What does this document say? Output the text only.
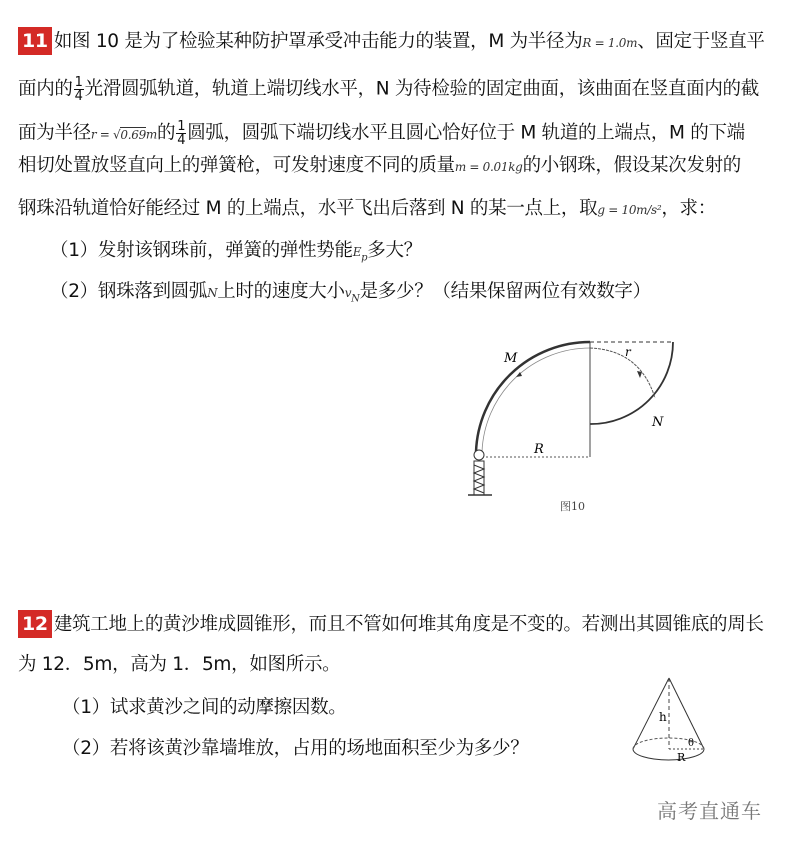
11 如图 10 是为了检验某种防护罩承受冲击能力的装置，M 为半径为R = 1.0m、固定于竖直平
面内的 $\frac{1}{4}$ 光滑圆弧轨道，轨道上端切线水平，N 为待检验的固定曲面，该曲面在竖直面内的截
面为半径r = √0.69m的 $\frac{1}{4}$ 圆弧，圆弧下端切线水平且圆心恰好位于 M 轨道的上端点，M 的下端
相切处置放竖直向上的弹簧枪，可发射速度不同的质量m = 0.01kg的小钢珠，假设某次发射的
钢珠沿轨道恰好能经过 M 的上端点，水平飞出后落到 N 的某一点上，取g = 10m/s²，求：
（1）发射该钢珠前，弹簧的弹性势能$E_p$多大？
（2）钢珠落到圆弧N上时的速度大小$v_N$是多少？（结果保留两位有效数字）
M
N
r
R
图10
h
θ
R
12 建筑工地上的黄沙堆成圆锥形，而且不管如何堆其角度是不变的。若测出其圆锥底的周长
为 12．5m，高为 1．5m，如图所示。
（1）试求黄沙之间的动摩擦因数。
（2）若将该黄沙靠墙堆放，占用的场地面积至少为多少？
高考直通车
